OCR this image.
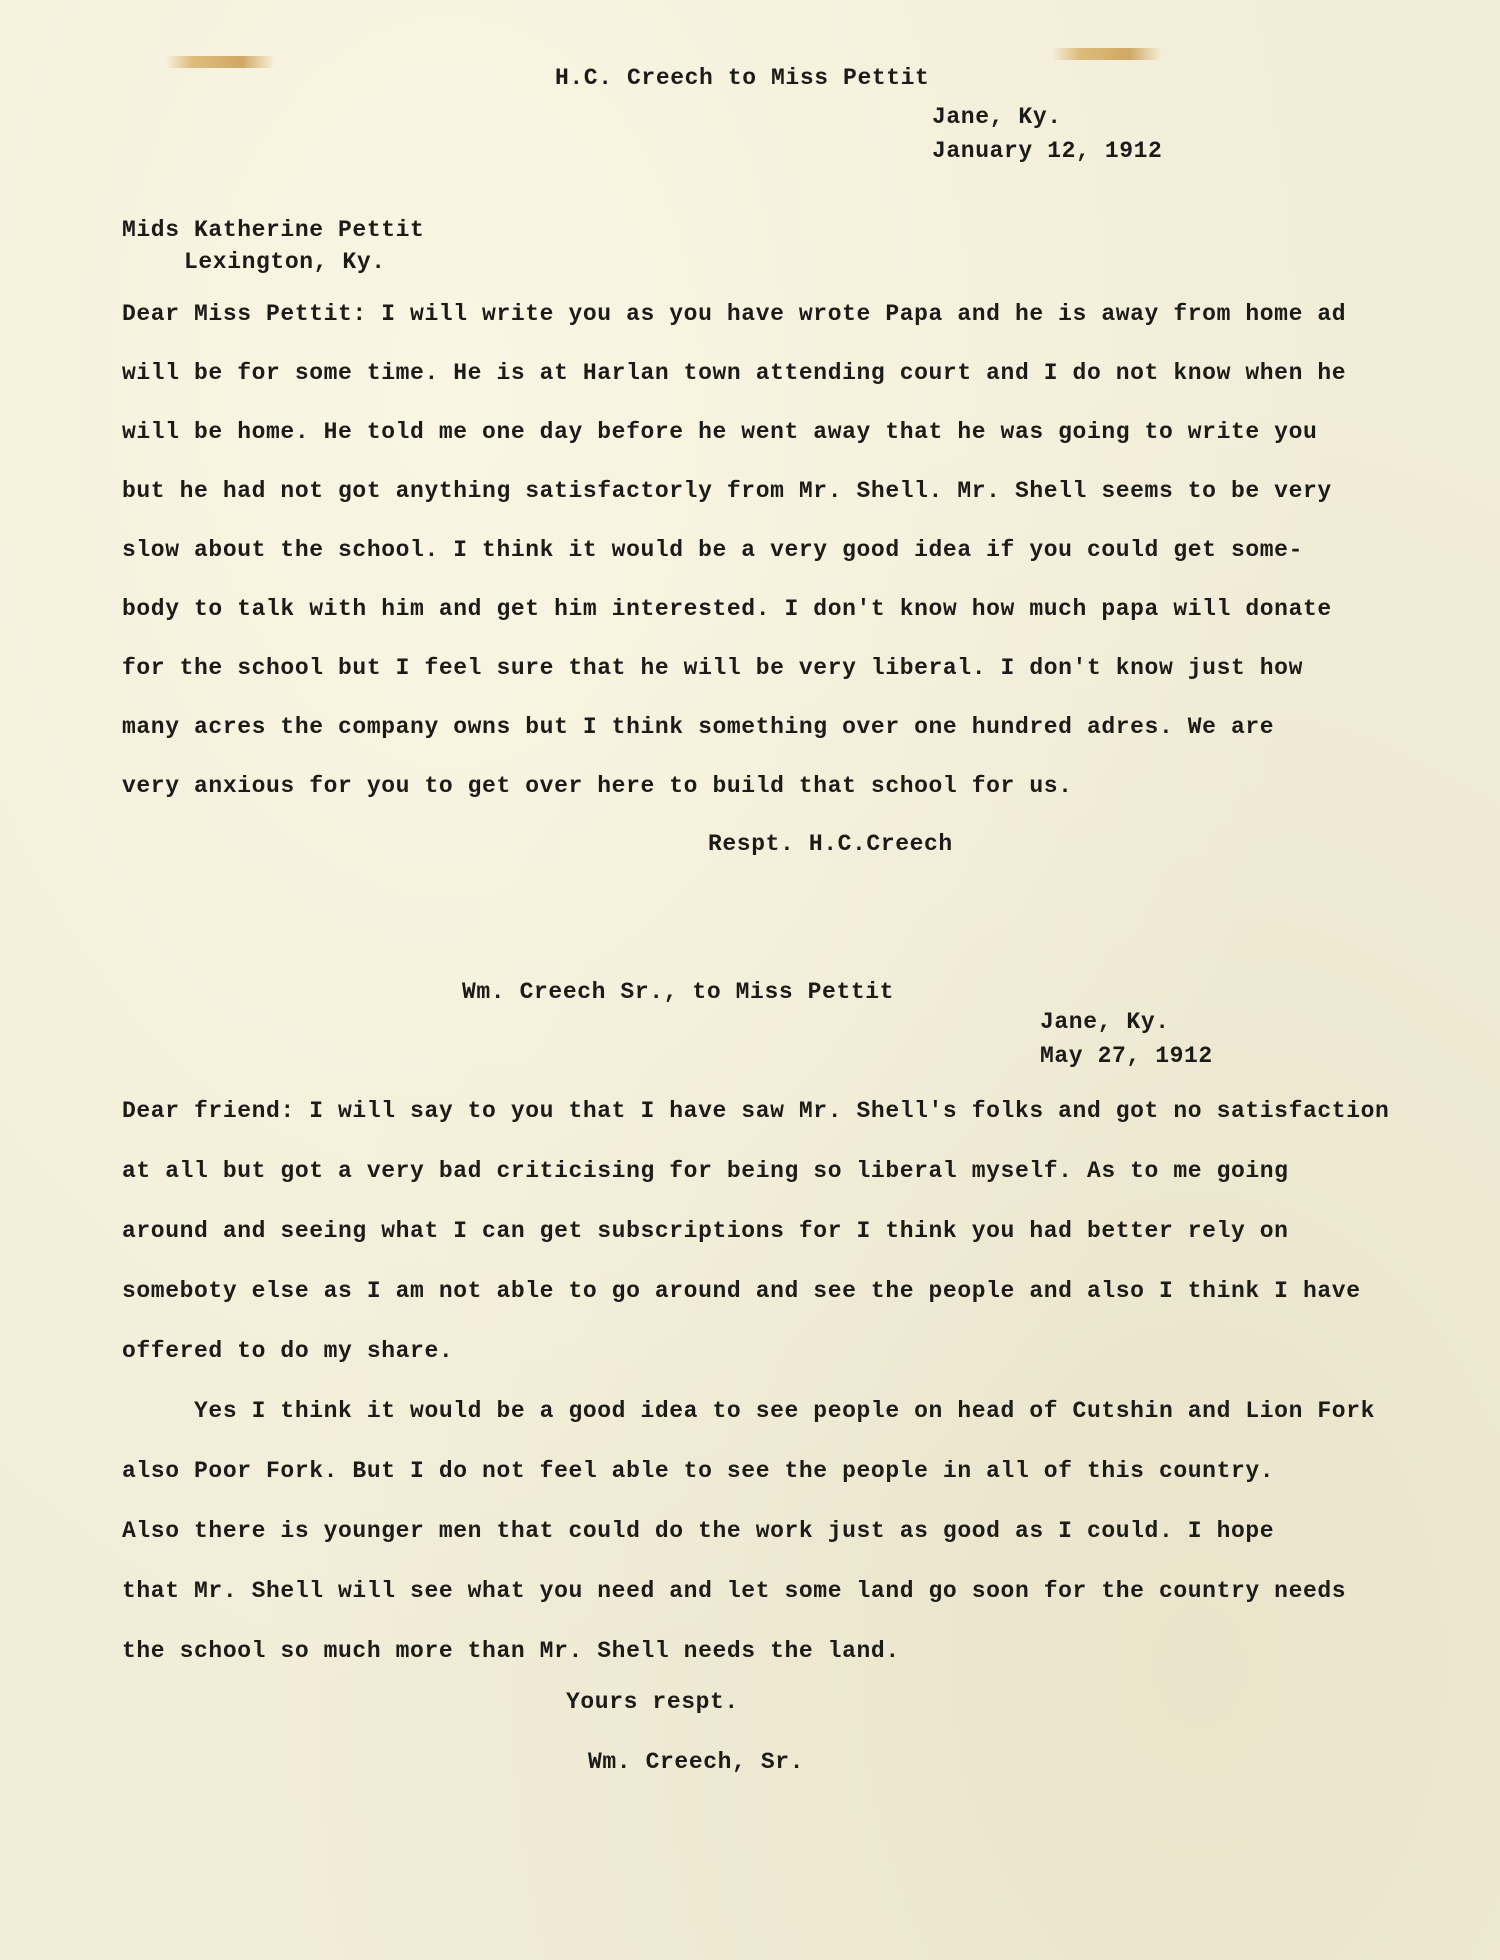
H.C. Creech to Miss Pettit

Jane, Ky.
January 12, 1912

Mids Katherine Pettit

Lexington, Ky.

Dear Miss Pettit: I will write you as you have wrote Papa and he is away from home ad

will be for some time. He is at Harlan town attending court and I do not know when he

will be home. He told me one day before he went away that he was going to write you

but he had not got anything satisfactorly from Mr. Shell. Mr. Shell seems to be very

slow about the school. I think it would be a very good idea if you could get some-

body to talk with him and get him interested. I don't know how much papa will donate

for the school but I feel sure that he will be very liberal. I don't know just how

many acres the company owns but I think something over one hundred adres. We are

very anxious for you to get over here to build that school for us.

Respt. H.C.Creech

Wm. Creech Sr., to Miss Pettit

Jane, Ky.
May 27, 1912

Dear friend: I will say to you that I have saw Mr. Shell's folks and got no satisfaction

at all but got a very bad criticising for being so liberal myself. As to me going

around and seeing what I can get subscriptions for I think you had better rely on

someboty else as I am not able to go around and see the people and also I think I have

offered to do my share.

Yes I think it would be a good idea to see people on head of Cutshin and Lion Fork

also Poor Fork. But I do not feel able to see the people in all of this country.

Also there is younger men that could do the work just as good as I could. I hope

that Mr. Shell will see what you need and let some land go soon for the country needs

the school so much more than Mr. Shell needs the land.

Yours respt.

Wm. Creech, Sr.
